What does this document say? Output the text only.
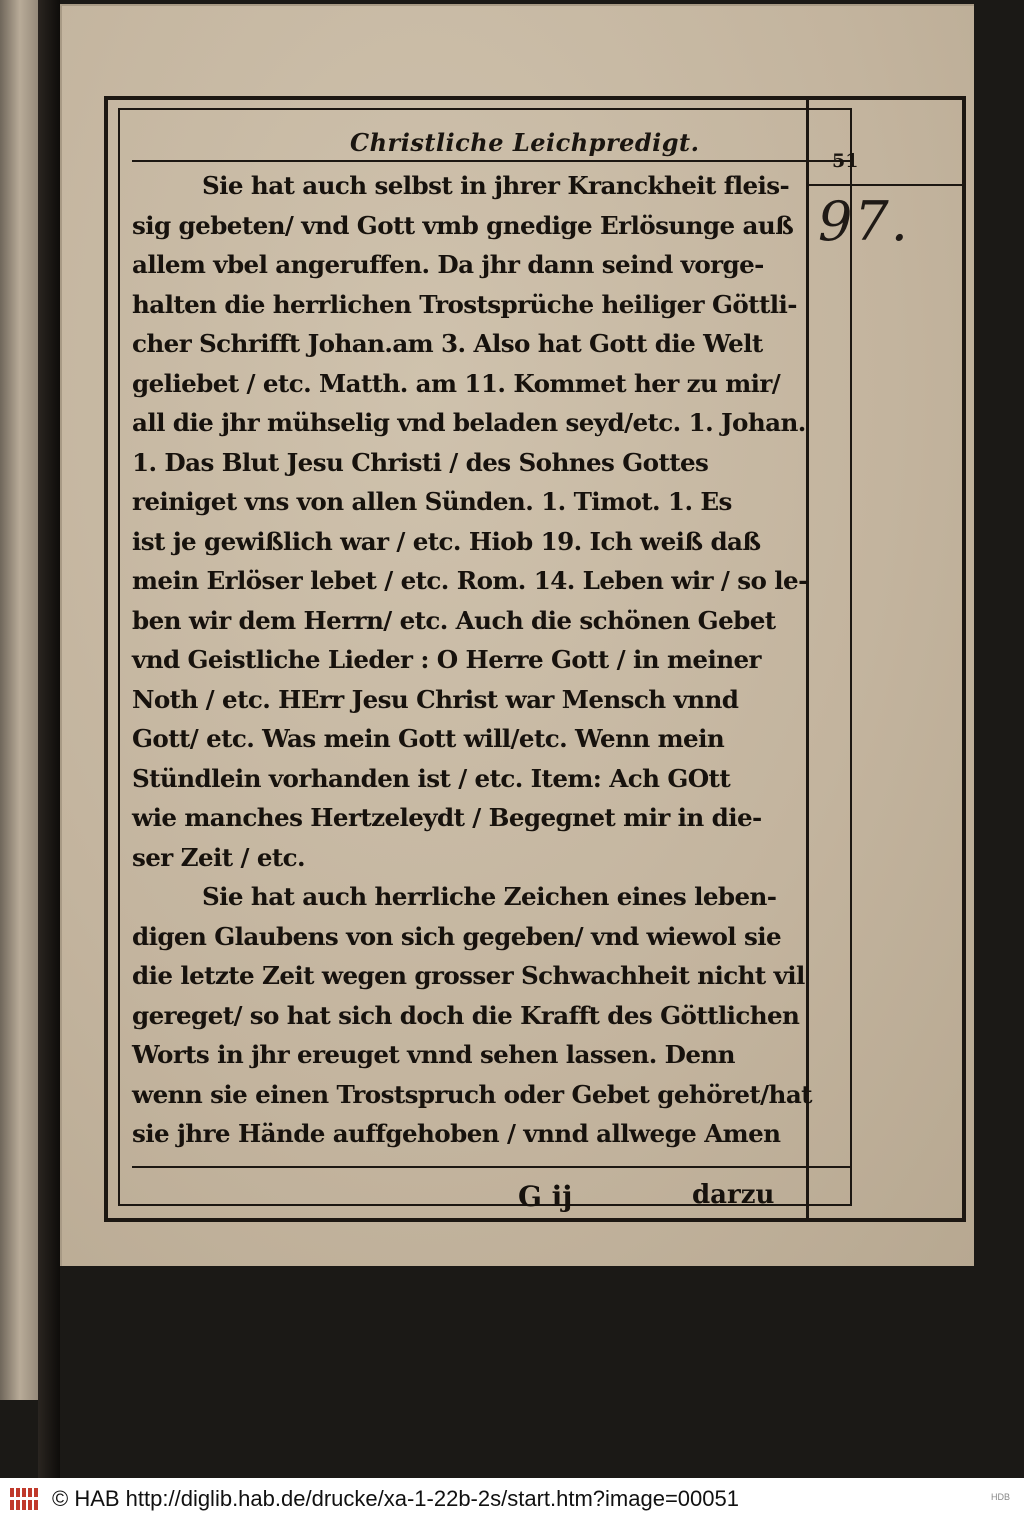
Christliche Leichpredigt.
51
97.
Sie hat auch selbst in jhrer Kranckheit fleis-
sig gebeten/ vnd Gott vmb gnedige Erlösunge auß
allem vbel angeruffen. Da jhr dann seind vorge-
halten die herrlichen Trostsprüche heiliger Göttli-
cher Schrifft Johan.am 3. Also hat Gott die Welt
geliebet / etc. Matth. am 11. Kommet her zu mir/
all die jhr mühselig vnd beladen seyd/etc. 1. Johan.
1. Das Blut Jesu Christi / des Sohnes Gottes
reiniget vns von allen Sünden. 1. Timot. 1. Es
ist je gewißlich war / etc. Hiob 19. Ich weiß daß
mein Erlöser lebet / etc. Rom. 14. Leben wir / so le-
ben wir dem Herrn/ etc. Auch die schönen Gebet
vnd Geistliche Lieder : O Herre Gott / in meiner
Noth / etc. HErr Jesu Christ war Mensch vnnd
Gott/ etc. Was mein Gott will/etc. Wenn mein
Stündlein vorhanden ist / etc. Item: Ach GOtt
wie manches Hertzeleydt / Begegnet mir in die-
ser Zeit / etc.
Sie hat auch herrliche Zeichen eines leben-
digen Glaubens von sich gegeben/ vnd wiewol sie
die letzte Zeit wegen grosser Schwachheit nicht vil
gereget/ so hat sich doch die Krafft des Göttlichen
Worts in jhr ereuget vnnd sehen lassen. Denn
wenn sie einen Trostspruch oder Gebet gehöret/hat
sie jhre Hände auffgehoben / vnnd allwege Amen
G ij	darzu
© HAB http://diglib.hab.de/drucke/xa-1-22b-2s/start.htm?image=00051	HDB
